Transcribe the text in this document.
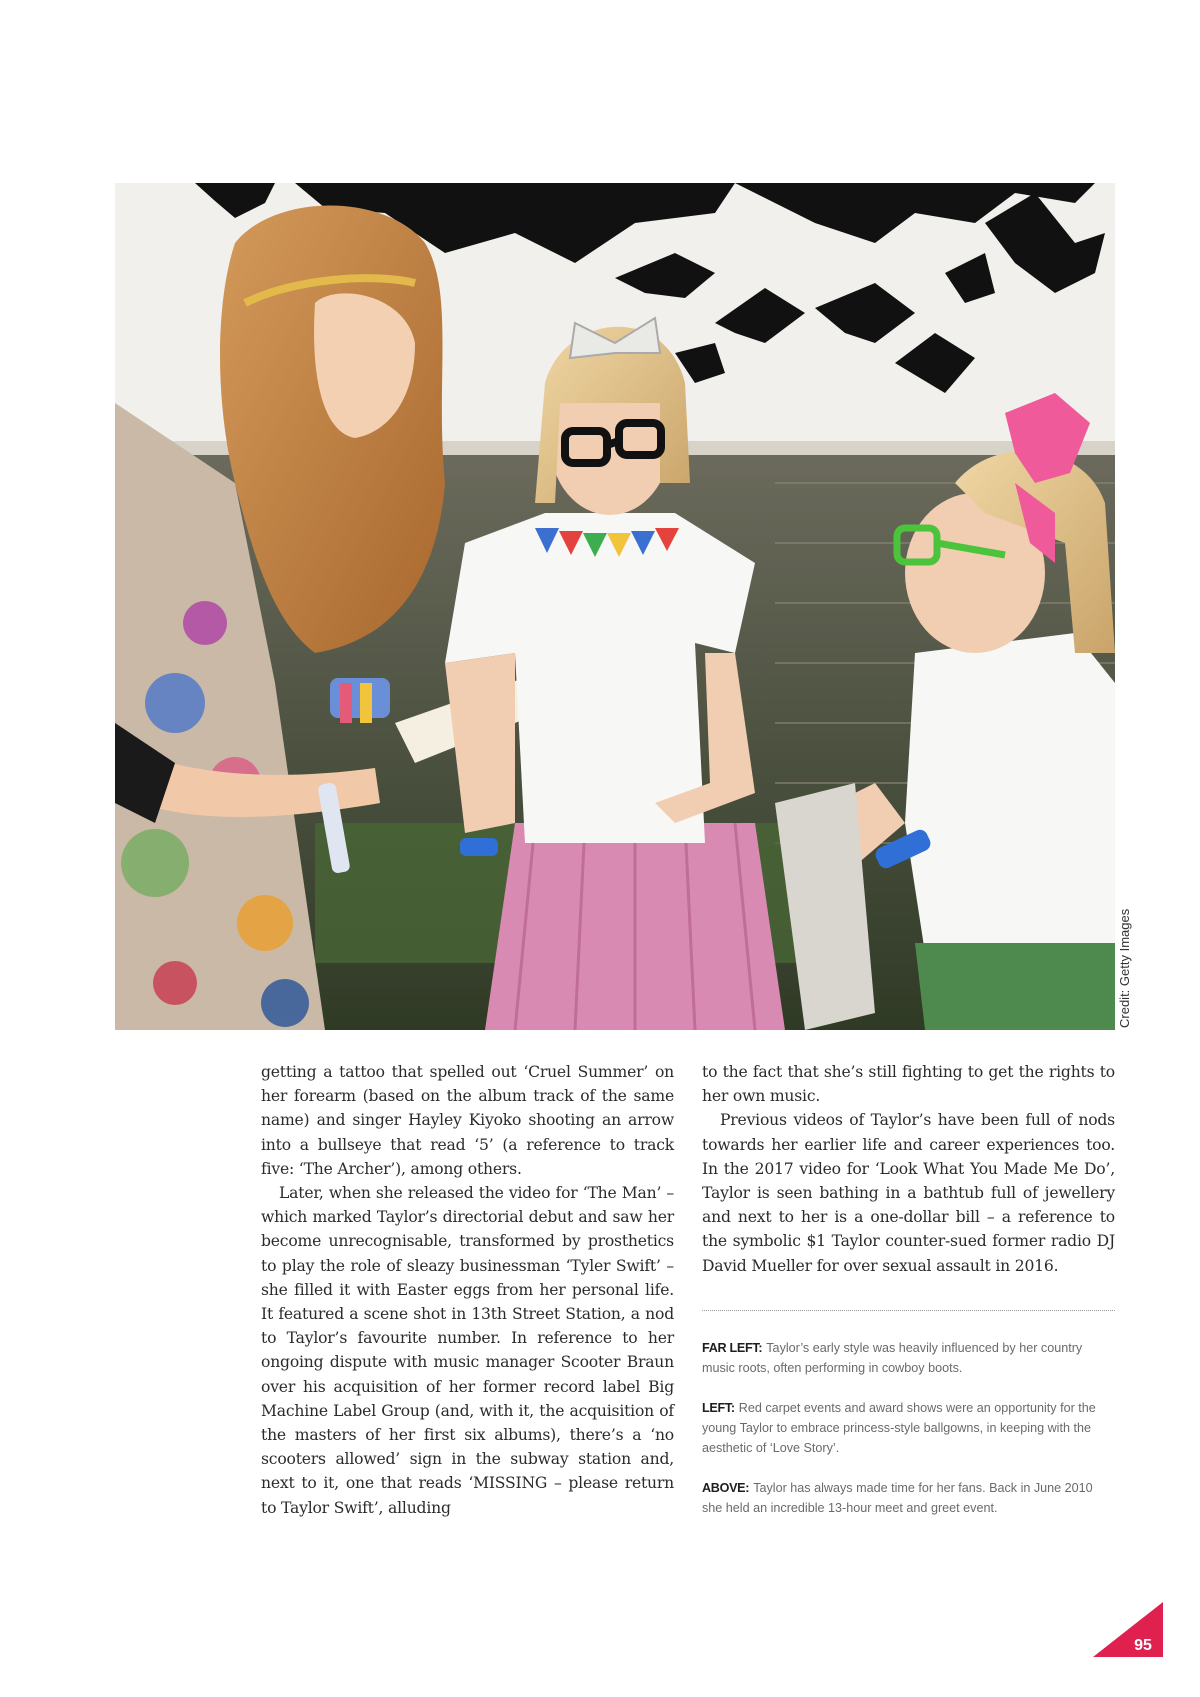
Credit: Getty Images

getting a tattoo that spelled out ‘Cruel Summer’ on her forearm (based on the album track of the same name) and singer Hayley Kiyoko shooting an arrow into a bullseye that read ‘5’ (a reference to track five: ‘The Archer’), among others.

Later, when she released the video for ‘The Man’ – which marked Taylor’s directorial debut and saw her become unrecognisable, transformed by prosthetics to play the role of sleazy businessman ‘Tyler Swift’ – she filled it with Easter eggs from her personal life. It featured a scene shot in 13th Street Station, a nod to Taylor’s favourite number. In reference to her ongoing dispute with music manager Scooter Braun over his acquisition of her former record label Big Machine Label Group (and, with it, the acquisition of the masters of her first six albums), there’s a ‘no scooters allowed’ sign in the subway station and, next to it, one that reads ‘MISSING – please return to Taylor Swift’, alluding

to the fact that she’s still fighting to get the rights to her own music.

Previous videos of Taylor’s have been full of nods towards her earlier life and career experiences too. In the 2017 video for ‘Look What You Made Me Do’, Taylor is seen bathing in a bathtub full of jewellery and next to her is a one-dollar bill – a reference to the symbolic $1 Taylor counter-sued former radio DJ David Mueller for over sexual assault in 2016.

FAR LEFT: Taylor’s early style was heavily influenced by her country music roots, often performing in cowboy boots.
LEFT: Red carpet events and award shows were an opportunity for the young Taylor to embrace princess-style ballgowns, in keeping with the aesthetic of ‘Love Story’.
ABOVE: Taylor has always made time for her fans. Back in June 2010 she held an incredible 13-hour meet and greet event.
95
